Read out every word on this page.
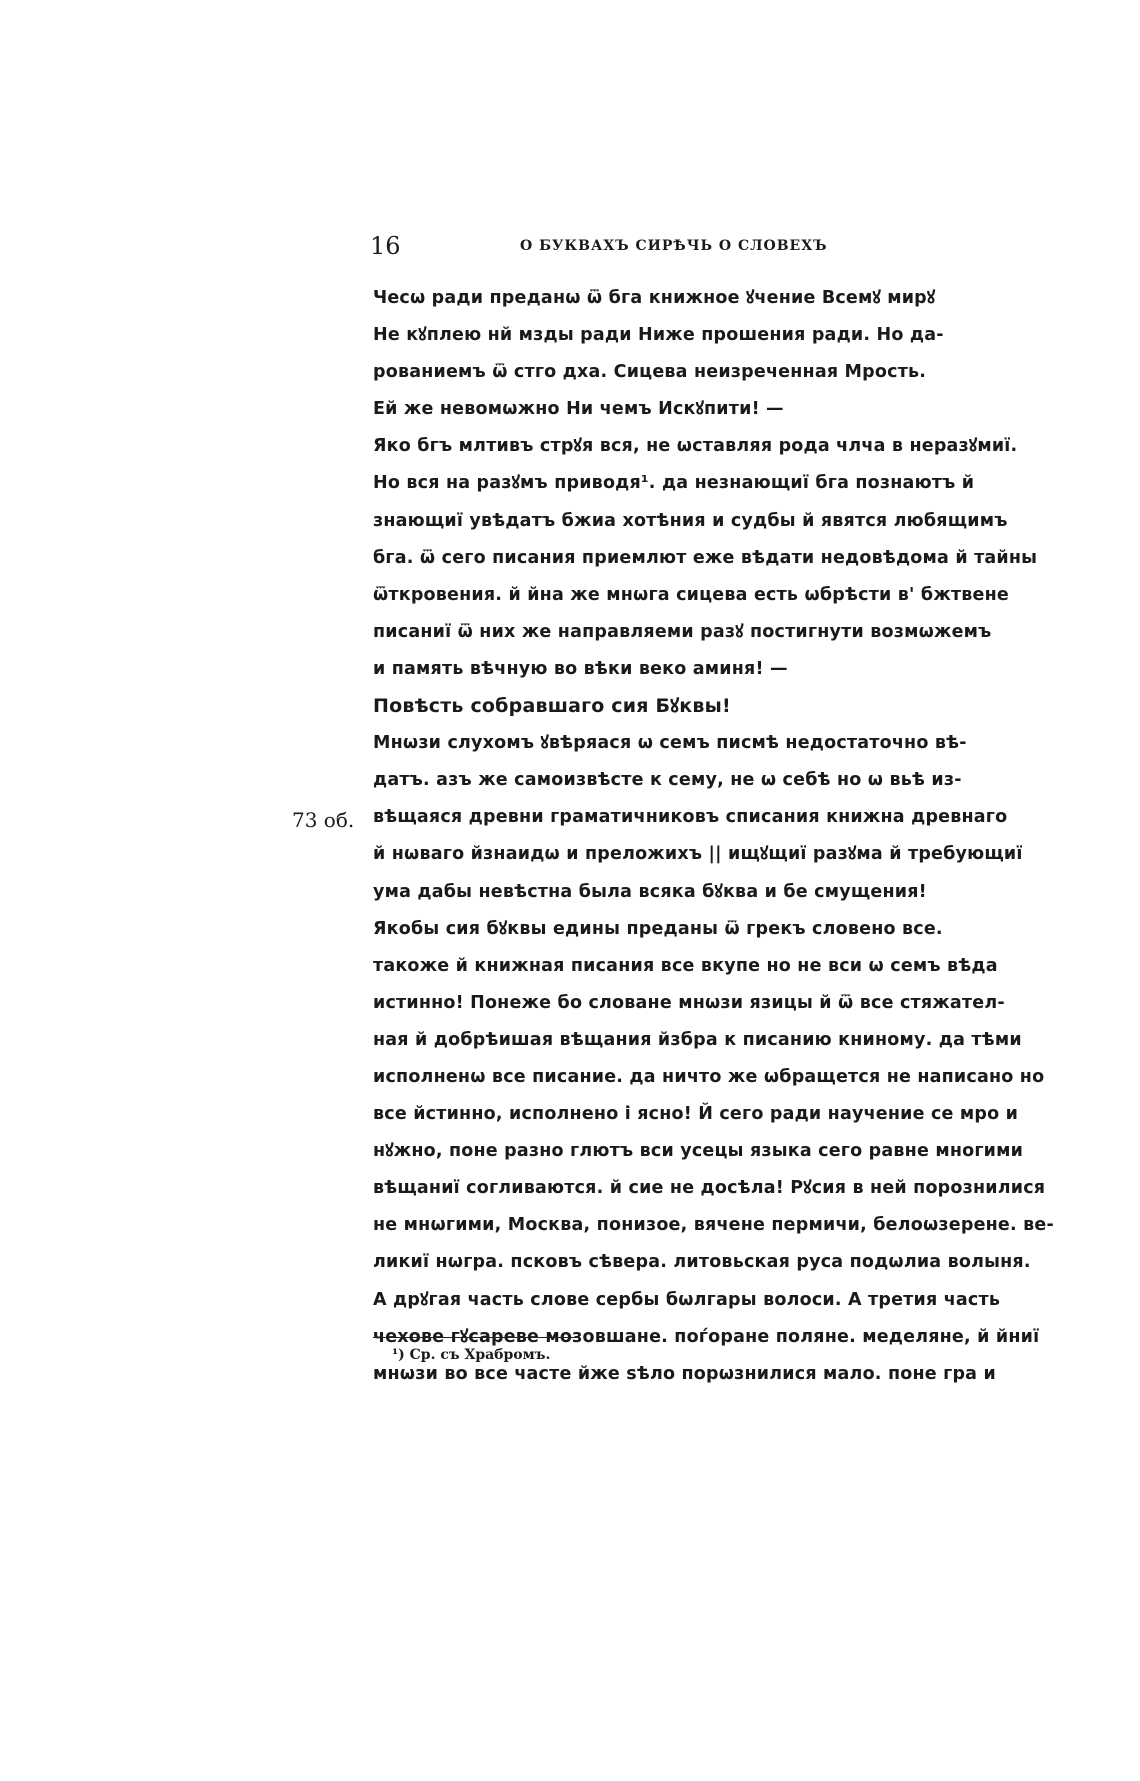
16	О БУКВАХЪ СИРѢЧЬ О СЛОВЕХЪ
73 об.
Чесѡ ради преданѡ ѿ бга книжное ꙋчение Всемꙋ мирꙋ
Не кꙋплею нй мзды ради Ниже прошения ради. Но да-
рованиемъ ѿ стго дха. Сицева неизреченная Мрость.
Ей же невомѡжно Ни чемъ Искꙋпити! —
Яко бгъ млтивъ стрꙋя вся, не ѡставляя рода члча в неразꙋмиї.
Но вся на разꙋмъ приводя¹. да незнающиї бга познаютъ й
знающиї увѣдатъ бжиа хотѣния и судбы й явятся любящимъ
бга. ѿ сего писания приемлют еже вѣдати недовѣдома й тайны
ѿткровения. й йна же мнѡга сицева есть ѡбрѣсти в' бжтвене
писаниї ѿ них же направляеми разꙋ постигнути возмѡжемъ
и память вѣчную во вѣки веко аминя! —
Повѣсть собравшаго сия Бꙋквы!
Мнѡзи слухомъ ꙋвѣряася ѡ семъ писмѣ недостаточно вѣ-
датъ. азъ же самоизвѣсте к сему, не ѡ себѣ но ѡ вьѣ из-
вѣщаяся древни граматичниковъ списания книжна древнаго
й нѡваго йзнаидѡ и преложихъ || ищꙋщиї разꙋма й требующиї
ума дабы невѣстна была всяка бꙋква и бе смущения!
Якобы сия бꙋквы едины преданы ѿ грекъ словено все.
такоже й книжная писания все вкупе но не вси ѡ семъ вѣда
истинно! Понеже бо словане мнѡзи язицы й ѿ все стяжател-
ная й добрѣишая вѣщания йзбра к писанию книному. да тѣми
исполненѡ все писание. да ничто же ѡбращется не написано но
все йстинно, исполнено і ясно! Й сего ради научение се мро и
нꙋжно, поне разно глютъ вси усецы языка сего равне многими
вѣщаниї согливаются. й сие не досѣла! Рꙋсия в ней порознилися
не мнѡгими, Москва, понизое, вячене пермичи, белоѡзерене. ве-
ликиї нѡгра. псковъ сѣвера. литовьская руса подѡлиа волыня.
А дрꙋгая часть слове сербы бѡлгары волоси. А третия часть
чехове гꙋсаревe мозовшане. поѓоране поляне. меделяне, й йниї
мнѡзи во все часте йже ѕѣло порѡзнилися мало. поне гра и
¹) Ср. съ Храбромъ.
